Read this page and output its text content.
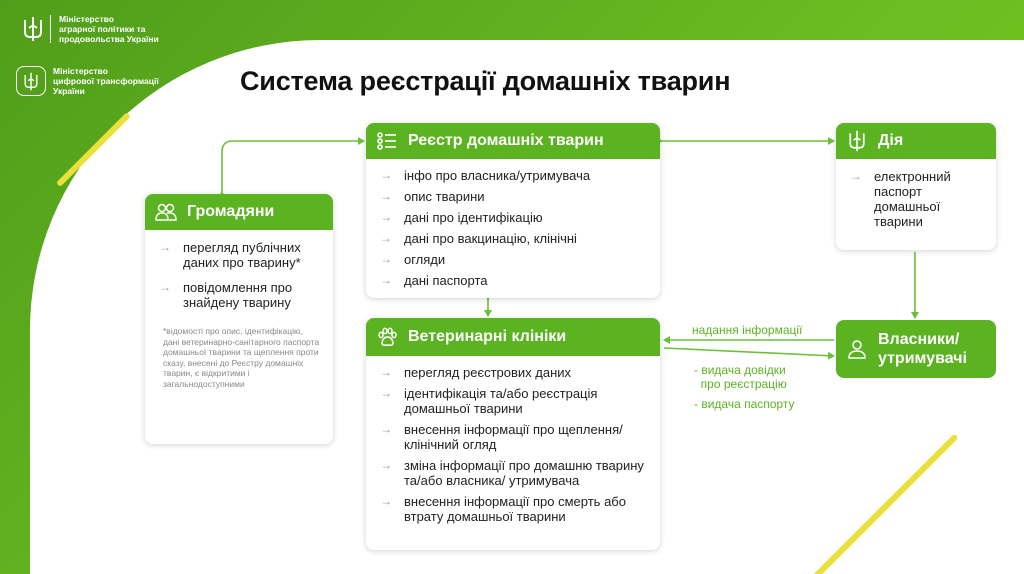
Міністерство
аграрної політики та
продовольства України
Міністерство
цифрової трансформації
України	Система реєстрації домашніх тварин
Реєстр домашніх тварин
→ інфо про власника/утримувача
→ опис тварини
→ дані про ідентифікацію
→ дані про вакцинацію, клінічні
→ огляди
→ дані паспорта
Громадяни
→ перегляд публічних даних про тварину*
→ повідомлення про знайдену тварину
*відомості про опис, ідентифікацію, дані ветеринарно-санітарного паспорта домашньої тварини та щеплення проти сказу, внесені до Реєстру домашніх тварин, є відкритими і загальнодоступними
Дія
→ електронний паспорт домашньої тварини
Ветеринарні клініки
→ перегляд реєстрових даних
→ ідентифікація та/або реєстрація домашньої тварини
→ внесення інформації про щеплення/клінічний огляд
→ зміна інформації про домашню тварину та/або власника/ утримувача
→ внесення інформації про смерть або втрату домашньої тварини
Власники/ утримувачі
надання інформації
- видача довідки
про реєстрацію
- видача паспорту
